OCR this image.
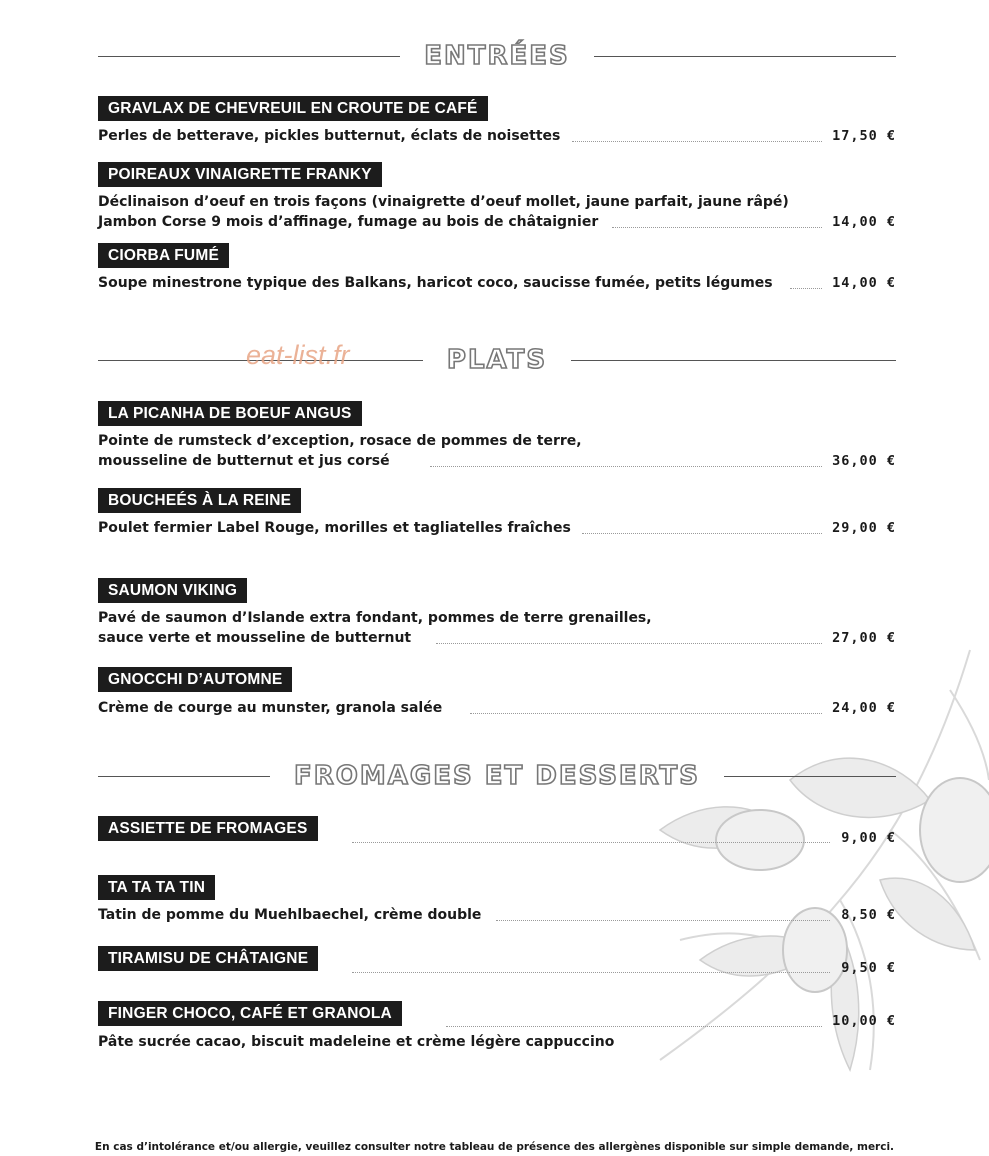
ENTRÉES
GRAVLAX DE CHEVREUIL EN CROUTE DE CAFÉ
Perles de betterave, pickles butternut, éclats de noisettes	17,50 €
POIREAUX VINAIGRETTE FRANKY
Déclinaison d’oeuf en trois façons (vinaigrette d’oeuf mollet, jaune parfait, jaune râpé)
Jambon Corse 9 mois d’affinage, fumage au bois de châtaignier	14,00 €
CIORBA FUMÉ
Soupe minestrone typique des Balkans, haricot coco, saucisse fumée, petits légumes	14,00 €
PLATS
eat-list.fr
LA PICANHA DE BOEUF ANGUS
Pointe de rumsteck d’exception, rosace de pommes de terre,
mousseline de butternut et jus corsé	36,00 €
BOUCHEÉS À LA REINE
Poulet fermier Label Rouge, morilles et tagliatelles fraîches	29,00 €
SAUMON VIKING
Pavé de saumon d’Islande extra fondant, pommes de terre grenailles,
sauce verte et mousseline de butternut	27,00 €
GNOCCHI D’AUTOMNE
Crème de courge au munster, granola salée	24,00 €
FROMAGES ET DESSERTS
ASSIETTE DE FROMAGES
9,00 €
TA TA TA TIN
Tatin de pomme du Muehlbaechel, crème double	8,50 €
TIRAMISU DE CHÂTAIGNE
9,50 €
FINGER CHOCO, CAFÉ ET GRANOLA	10,00 €
Pâte sucrée cacao, biscuit madeleine et crème légère cappuccino
En cas d’intolérance et/ou allergie, veuillez consulter notre tableau de présence des allergènes disponible sur simple demande, merci.
